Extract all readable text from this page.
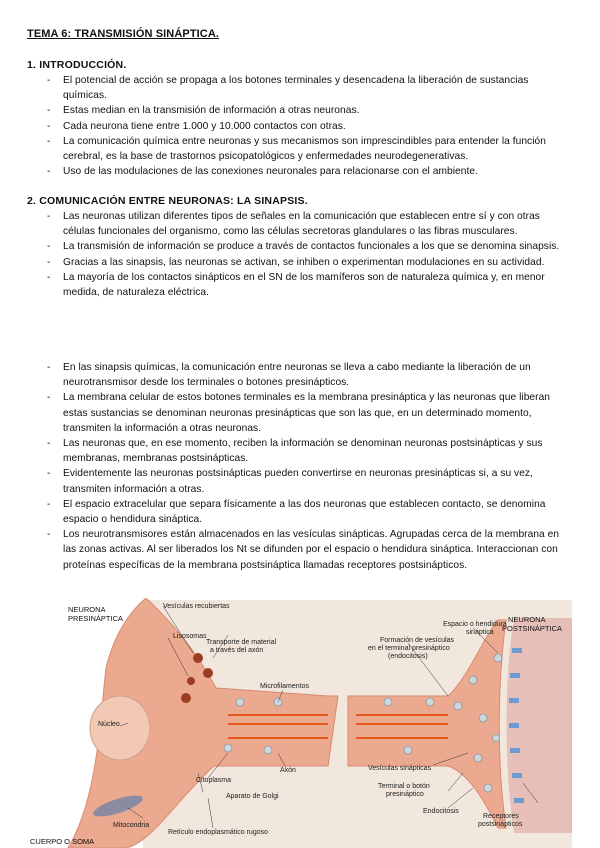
TEMA 6: TRANSMISIÓN SINÁPTICA.
1. INTRODUCCIÓN.
- El potencial de acción se propaga a los botones terminales y desencadena la liberación de sustancias químicas.
- Estas median en la transmisión de información a otras neuronas.
- Cada neurona tiene entre 1.000 y 10.000 contactos con otras.
- La comunicación química entre neuronas y sus mecanismos son imprescindibles para entender la función cerebral, es la base de trastornos psicopatológicos y enfermedades neurodegenerativas.
- Uso de las modulaciones de las conexiones neuronales para relacionarse con el ambiente.
2. COMUNICACIÓN ENTRE NEURONAS: LA SINAPSIS.
- Las neuronas utilizan diferentes tipos de señales en la comunicación que establecen entre sí y con otras células funcionales del organismo, como las células secretoras glandulares o las fibras musculares.
- La transmisión de información se produce a través de contactos funcionales a los que se denomina sinapsis.
- Gracias a las sinapsis, las neuronas se activan, se inhiben o experimentan modulaciones en su actividad.
- La mayoría de los contactos sinápticos en el SN de los mamíferos son de naturaleza química y, en menor medida, de naturaleza eléctrica.
- En las sinapsis químicas, la comunicación entre neuronas se lleva a cabo mediante la liberación de un neurotransmisor desde los terminales o botones presinápticos.
- La membrana celular de estos botones terminales es la membrana presináptica y las neuronas que liberan estas sustancias se denominan neuronas presinápticas que son las que, en un determinado momento, transmiten la información a otras neuronas.
- Las neuronas que, en ese momento, reciben la información se denominan neuronas postsinápticas y sus membranas, membranas postsinápticas.
- Evidentemente las neuronas postsinápticas pueden convertirse en neuronas presinápticas si, a su vez, transmiten información a otras.
- El espacio extracelular que separa físicamente a las dos neuronas que establecen contacto, se denomina espacio o hendidura sináptica.
- Los neurotransmisores están almacenados en las vesículas sinápticas. Agrupadas cerca de la membrana en las zonas activas. Al ser liberados los Nt se difunden por el espacio o hendidura sináptica. Interaccionan con proteínas específicas de la membrana postsináptica llamadas receptores postsinápticos.
NEURONA
PRESINÁPTICA
Vesículas recubiertas
Lisosomas
Transporte de material
a través del axón
Microfilamentos
Formación de vesículas
en el terminal presináptico
(endocitosis)
Espacio o hendidura
sináptica
NEURONA
POSTSINÁPTICA
Núcleo
Axón
Citoplasma
Vesículas sinápticas
Aparato de Golgi
Terminal o botón
presináptico
Endocitosis
Mitocondria
Retículo endoplasmático rugoso
Receptores
postsinápticos
CUERPO O SOMA
